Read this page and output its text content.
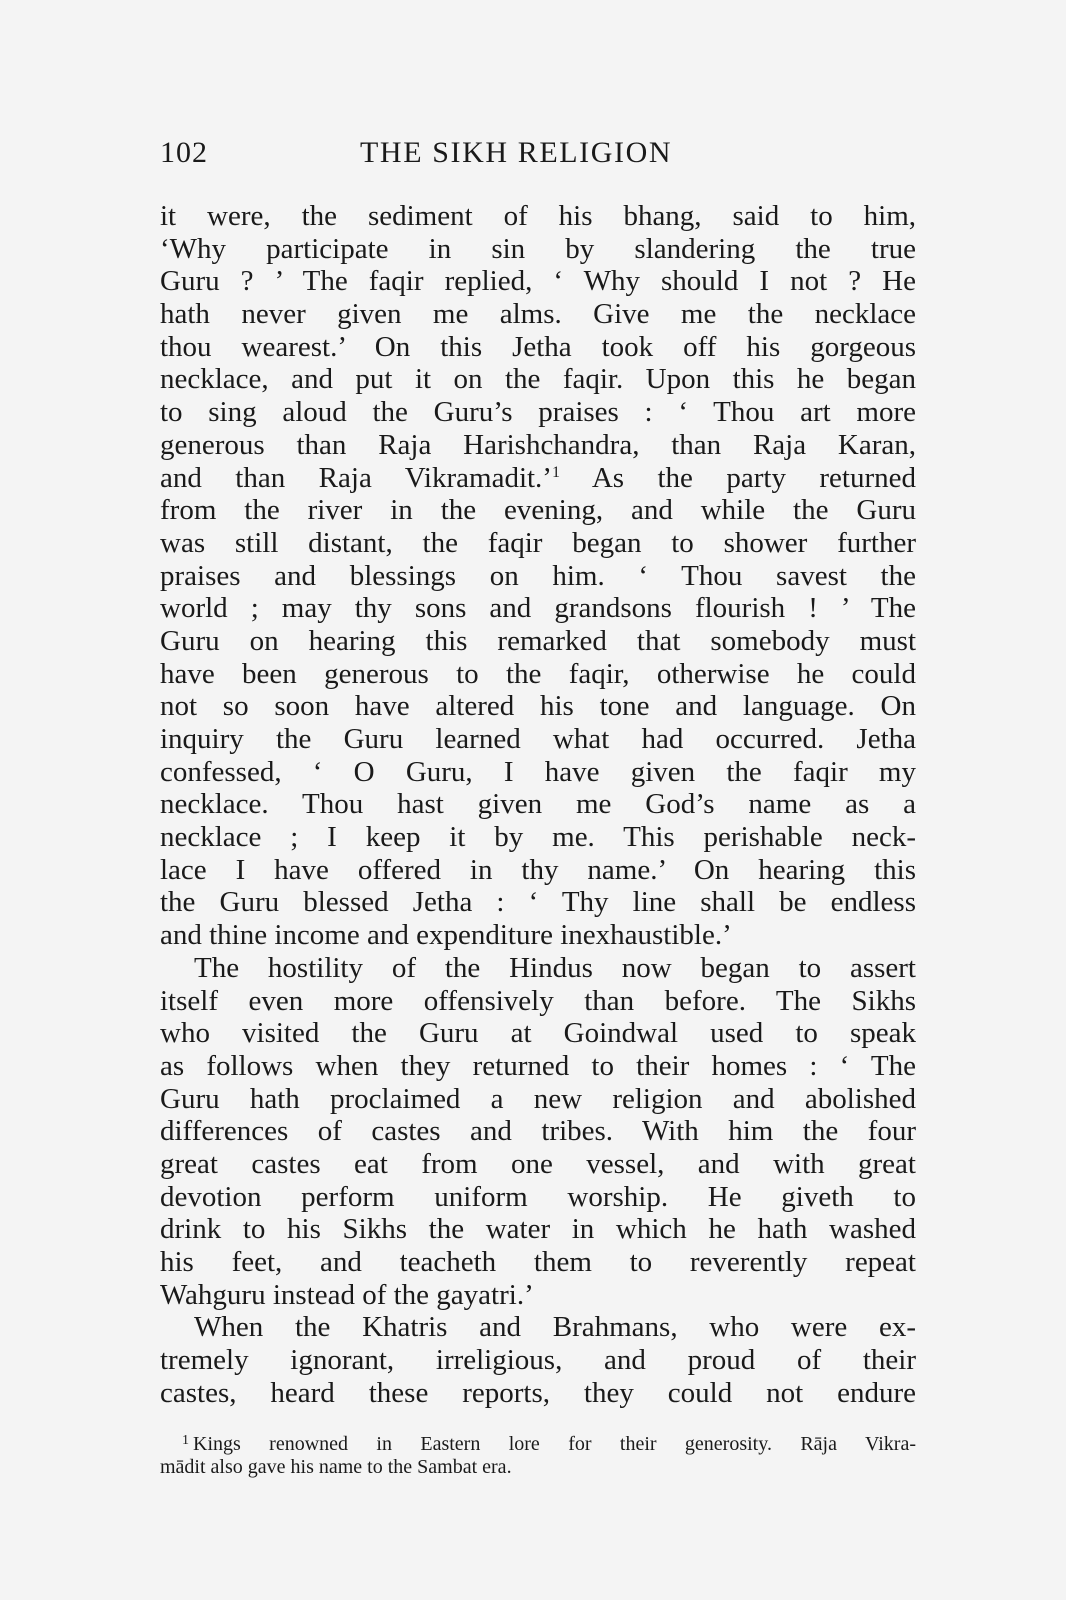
102	THE SIKH RELIGION
it were, the sediment of his bhang, said to him,
‘Why participate in sin by slandering the true
Guru ? ’ The faqir replied, ‘ Why should I not ? He
hath never given me alms. Give me the necklace
thou wearest.’ On this Jetha took off his gorgeous
necklace, and put it on the faqir. Upon this he began
to sing aloud the Guru’s praises : ‘ Thou art more
generous than Raja Harishchandra, than Raja Karan,
and than Raja Vikramadit.’$^1$ As the party returned
from the river in the evening, and while the Guru
was still distant, the faqir began to shower further
praises and blessings on him. ‘ Thou savest the
world ; may thy sons and grandsons flourish ! ’ The
Guru on hearing this remarked that somebody must
have been generous to the faqir, otherwise he could
not so soon have altered his tone and language. On
inquiry the Guru learned what had occurred. Jetha
confessed, ‘ O Guru, I have given the faqir my
necklace. Thou hast given me God’s name as a
necklace ; I keep it by me. This perishable neck-
lace I have offered in thy name.’ On hearing this
the Guru blessed Jetha : ‘ Thy line shall be endless
and thine income and expenditure inexhaustible.’
The hostility of the Hindus now began to assert
itself even more offensively than before. The Sikhs
who visited the Guru at Goindwal used to speak
as follows when they returned to their homes : ‘ The
Guru hath proclaimed a new religion and abolished
differences of castes and tribes. With him the four
great castes eat from one vessel, and with great
devotion perform uniform worship. He giveth to
drink to his Sikhs the water in which he hath washed
his feet, and teacheth them to reverently repeat
Wahguru instead of the gayatri.’
When the Khatris and Brahmans, who were ex-
tremely ignorant, irreligious, and proud of their
castes, heard these reports, they could not endure
$^1$ Kings renowned in Eastern lore for their generosity. Rāja Vikra-
mādit also gave his name to the Sambat era.
